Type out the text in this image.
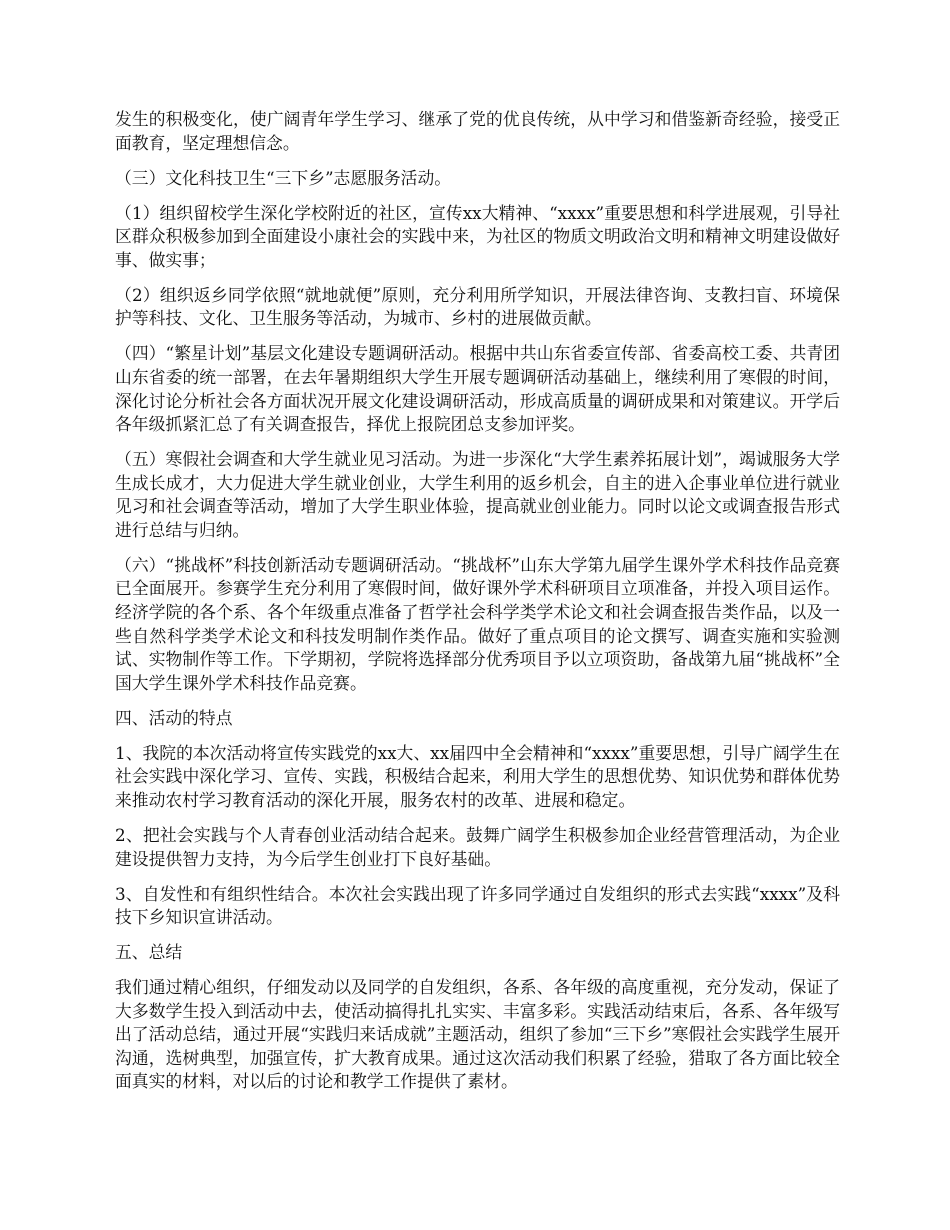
发生的积极变化，使广阔青年学生学习、继承了党的优良传统，从中学习和借鉴新奇经验，接受正面教育，坚定理想信念。

（三）文化科技卫生“三下乡”志愿服务活动。

（1）组织留校学生深化学校附近的社区，宣传xx大精神、“xxxx”重要思想和科学进展观，引导社区群众积极参加到全面建设小康社会的实践中来，为社区的物质文明政治文明和精神文明建设做好事、做实事；

（2）组织返乡同学依照“就地就便”原则，充分利用所学知识，开展法律咨询、支教扫盲、环境保护等科技、文化、卫生服务等活动，为城市、乡村的进展做贡献。

（四）“繁星计划”基层文化建设专题调研活动。根据中共山东省委宣传部、省委高校工委、共青团山东省委的统一部署，在去年暑期组织大学生开展专题调研活动基础上，继续利用了寒假的时间，深化讨论分析社会各方面状况开展文化建设调研活动，形成高质量的调研成果和对策建议。开学后各年级抓紧汇总了有关调查报告，择优上报院团总支参加评奖。

（五）寒假社会调查和大学生就业见习活动。为进一步深化“大学生素养拓展计划”，竭诚服务大学生成长成才，大力促进大学生就业创业，大学生利用的返乡机会，自主的进入企事业单位进行就业见习和社会调查等活动，增加了大学生职业体验，提高就业创业能力。同时以论文或调查报告形式进行总结与归纳。

（六）“挑战杯”科技创新活动专题调研活动。“挑战杯”山东大学第九届学生课外学术科技作品竞赛已全面展开。参赛学生充分利用了寒假时间，做好课外学术科研项目立项准备，并投入项目运作。经济学院的各个系、各个年级重点准备了哲学社会科学类学术论文和社会调查报告类作品，以及一些自然科学类学术论文和科技发明制作类作品。做好了重点项目的论文撰写、调查实施和实验测试、实物制作等工作。下学期初，学院将选择部分优秀项目予以立项资助，备战第九届“挑战杯”全国大学生课外学术科技作品竞赛。

四、活动的特点

1、我院的本次活动将宣传实践党的xx大、xx届四中全会精神和“xxxx”重要思想，引导广阔学生在社会实践中深化学习、宣传、实践，积极结合起来，利用大学生的思想优势、知识优势和群体优势来推动农村学习教育活动的深化开展，服务农村的改革、进展和稳定。

2、把社会实践与个人青春创业活动结合起来。鼓舞广阔学生积极参加企业经营管理活动，为企业建设提供智力支持，为今后学生创业打下良好基础。

3、自发性和有组织性结合。本次社会实践出现了许多同学通过自发组织的形式去实践“xxxx”及科技下乡知识宣讲活动。

五、总结

我们通过精心组织，仔细发动以及同学的自发组织，各系、各年级的高度重视，充分发动，保证了大多数学生投入到活动中去，使活动搞得扎扎实实、丰富多彩。实践活动结束后，各系、各年级写出了活动总结，通过开展“实践归来话成就”主题活动，组织了参加“三下乡”寒假社会实践学生展开沟通，选树典型，加强宣传，扩大教育成果。通过这次活动我们积累了经验，猎取了各方面比较全面真实的材料，对以后的讨论和教学工作提供了素材。
